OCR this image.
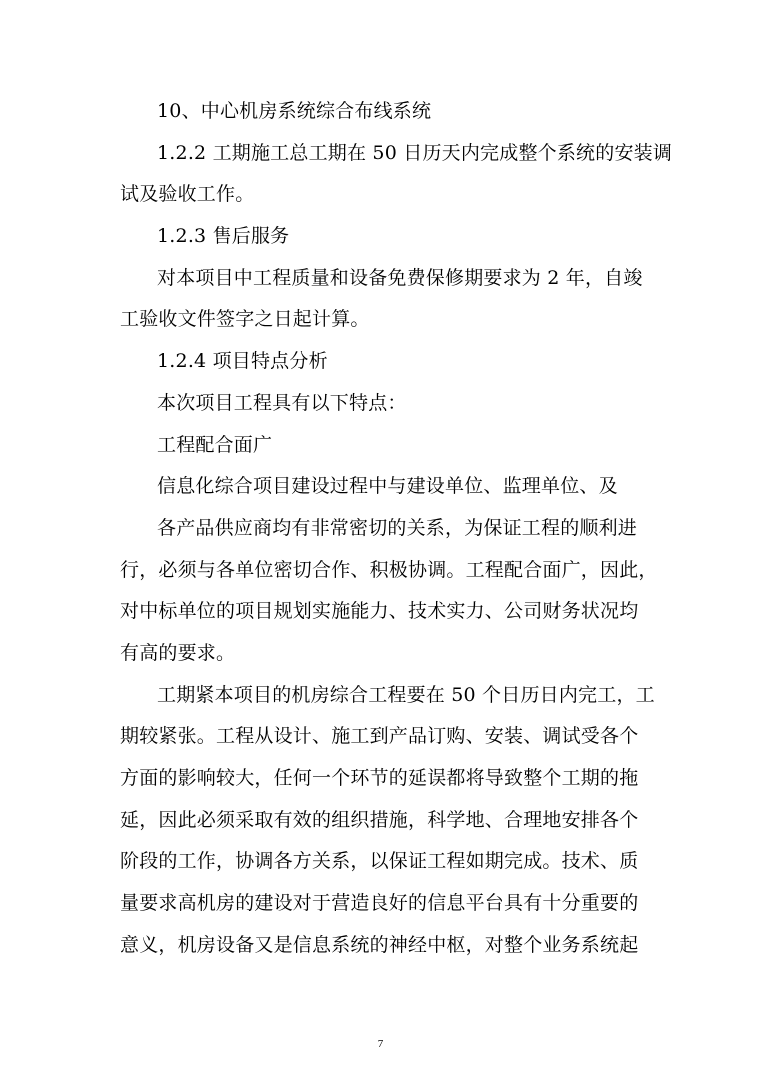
10、中心机房系统综合布线系统
1.2.2 工期施工总工期在 50 日历天内完成整个系统的安装调
试及验收工作。
1.2.3 售后服务
对本项目中工程质量和设备免费保修期要求为 2 年，自竣
工验收文件签字之日起计算。
1.2.4 项目特点分析
本次项目工程具有以下特点：
工程配合面广
信息化综合项目建设过程中与建设单位、监理单位、及
各产品供应商均有非常密切的关系，为保证工程的顺利进
行，必须与各单位密切合作、积极协调。工程配合面广，因此，
对中标单位的项目规划实施能力、技术实力、公司财务状况均
有高的要求。
工期紧本项目的机房综合工程要在 50 个日历日内完工，工
期较紧张。工程从设计、施工到产品订购、安装、调试受各个
方面的影响较大，任何一个环节的延误都将导致整个工期的拖
延，因此必须采取有效的组织措施，科学地、合理地安排各个
阶段的工作，协调各方关系，以保证工程如期完成。技术、质
量要求高机房的建设对于营造良好的信息平台具有十分重要的
意义，机房设备又是信息系统的神经中枢，对整个业务系统起
7
